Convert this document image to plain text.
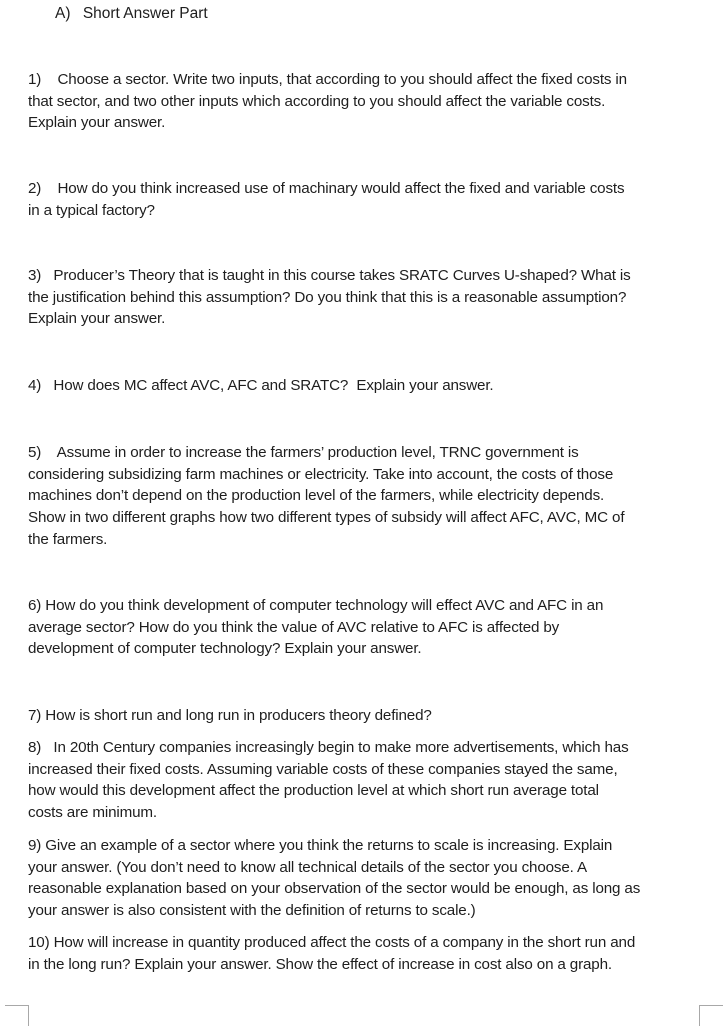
A) Short Answer Part
1)    Choose a sector. Write two inputs, that according to you should affect the fixed costs in
that sector, and two other inputs which according to you should affect the variable costs.
Explain your answer.
2)    How do you think increased use of machinary would affect the fixed and variable costs
in a typical factory?
3)   Producer’s Theory that is taught in this course takes SRATC Curves U-shaped? What is
the justification behind this assumption? Do you think that this is a reasonable assumption?
Explain your answer.
4)   How does MC affect AVC, AFC and SRATC?  Explain your answer.
5)    Assume in order to increase the farmers’ production level, TRNC government is
considering subsidizing farm machines or electricity. Take into account, the costs of those
machines don’t depend on the production level of the farmers, while electricity depends.
Show in two different graphs how two different types of subsidy will affect AFC, AVC, MC of
the farmers.
6) How do you think development of computer technology will effect AVC and AFC in an
average sector? How do you think the value of AVC relative to AFC is affected by
development of computer technology? Explain your answer.
7) How is short run and long run in producers theory defined?
8)   In 20th Century companies increasingly begin to make more advertisements, which has
increased their fixed costs. Assuming variable costs of these companies stayed the same,
how would this development affect the production level at which short run average total
costs are minimum.
9) Give an example of a sector where you think the returns to scale is increasing. Explain
your answer. (You don’t need to know all technical details of the sector you choose. A
reasonable explanation based on your observation of the sector would be enough, as long as
your answer is also consistent with the definition of returns to scale.)
10) How will increase in quantity produced affect the costs of a company in the short run and
in the long run? Explain your answer. Show the effect of increase in cost also on a graph.
